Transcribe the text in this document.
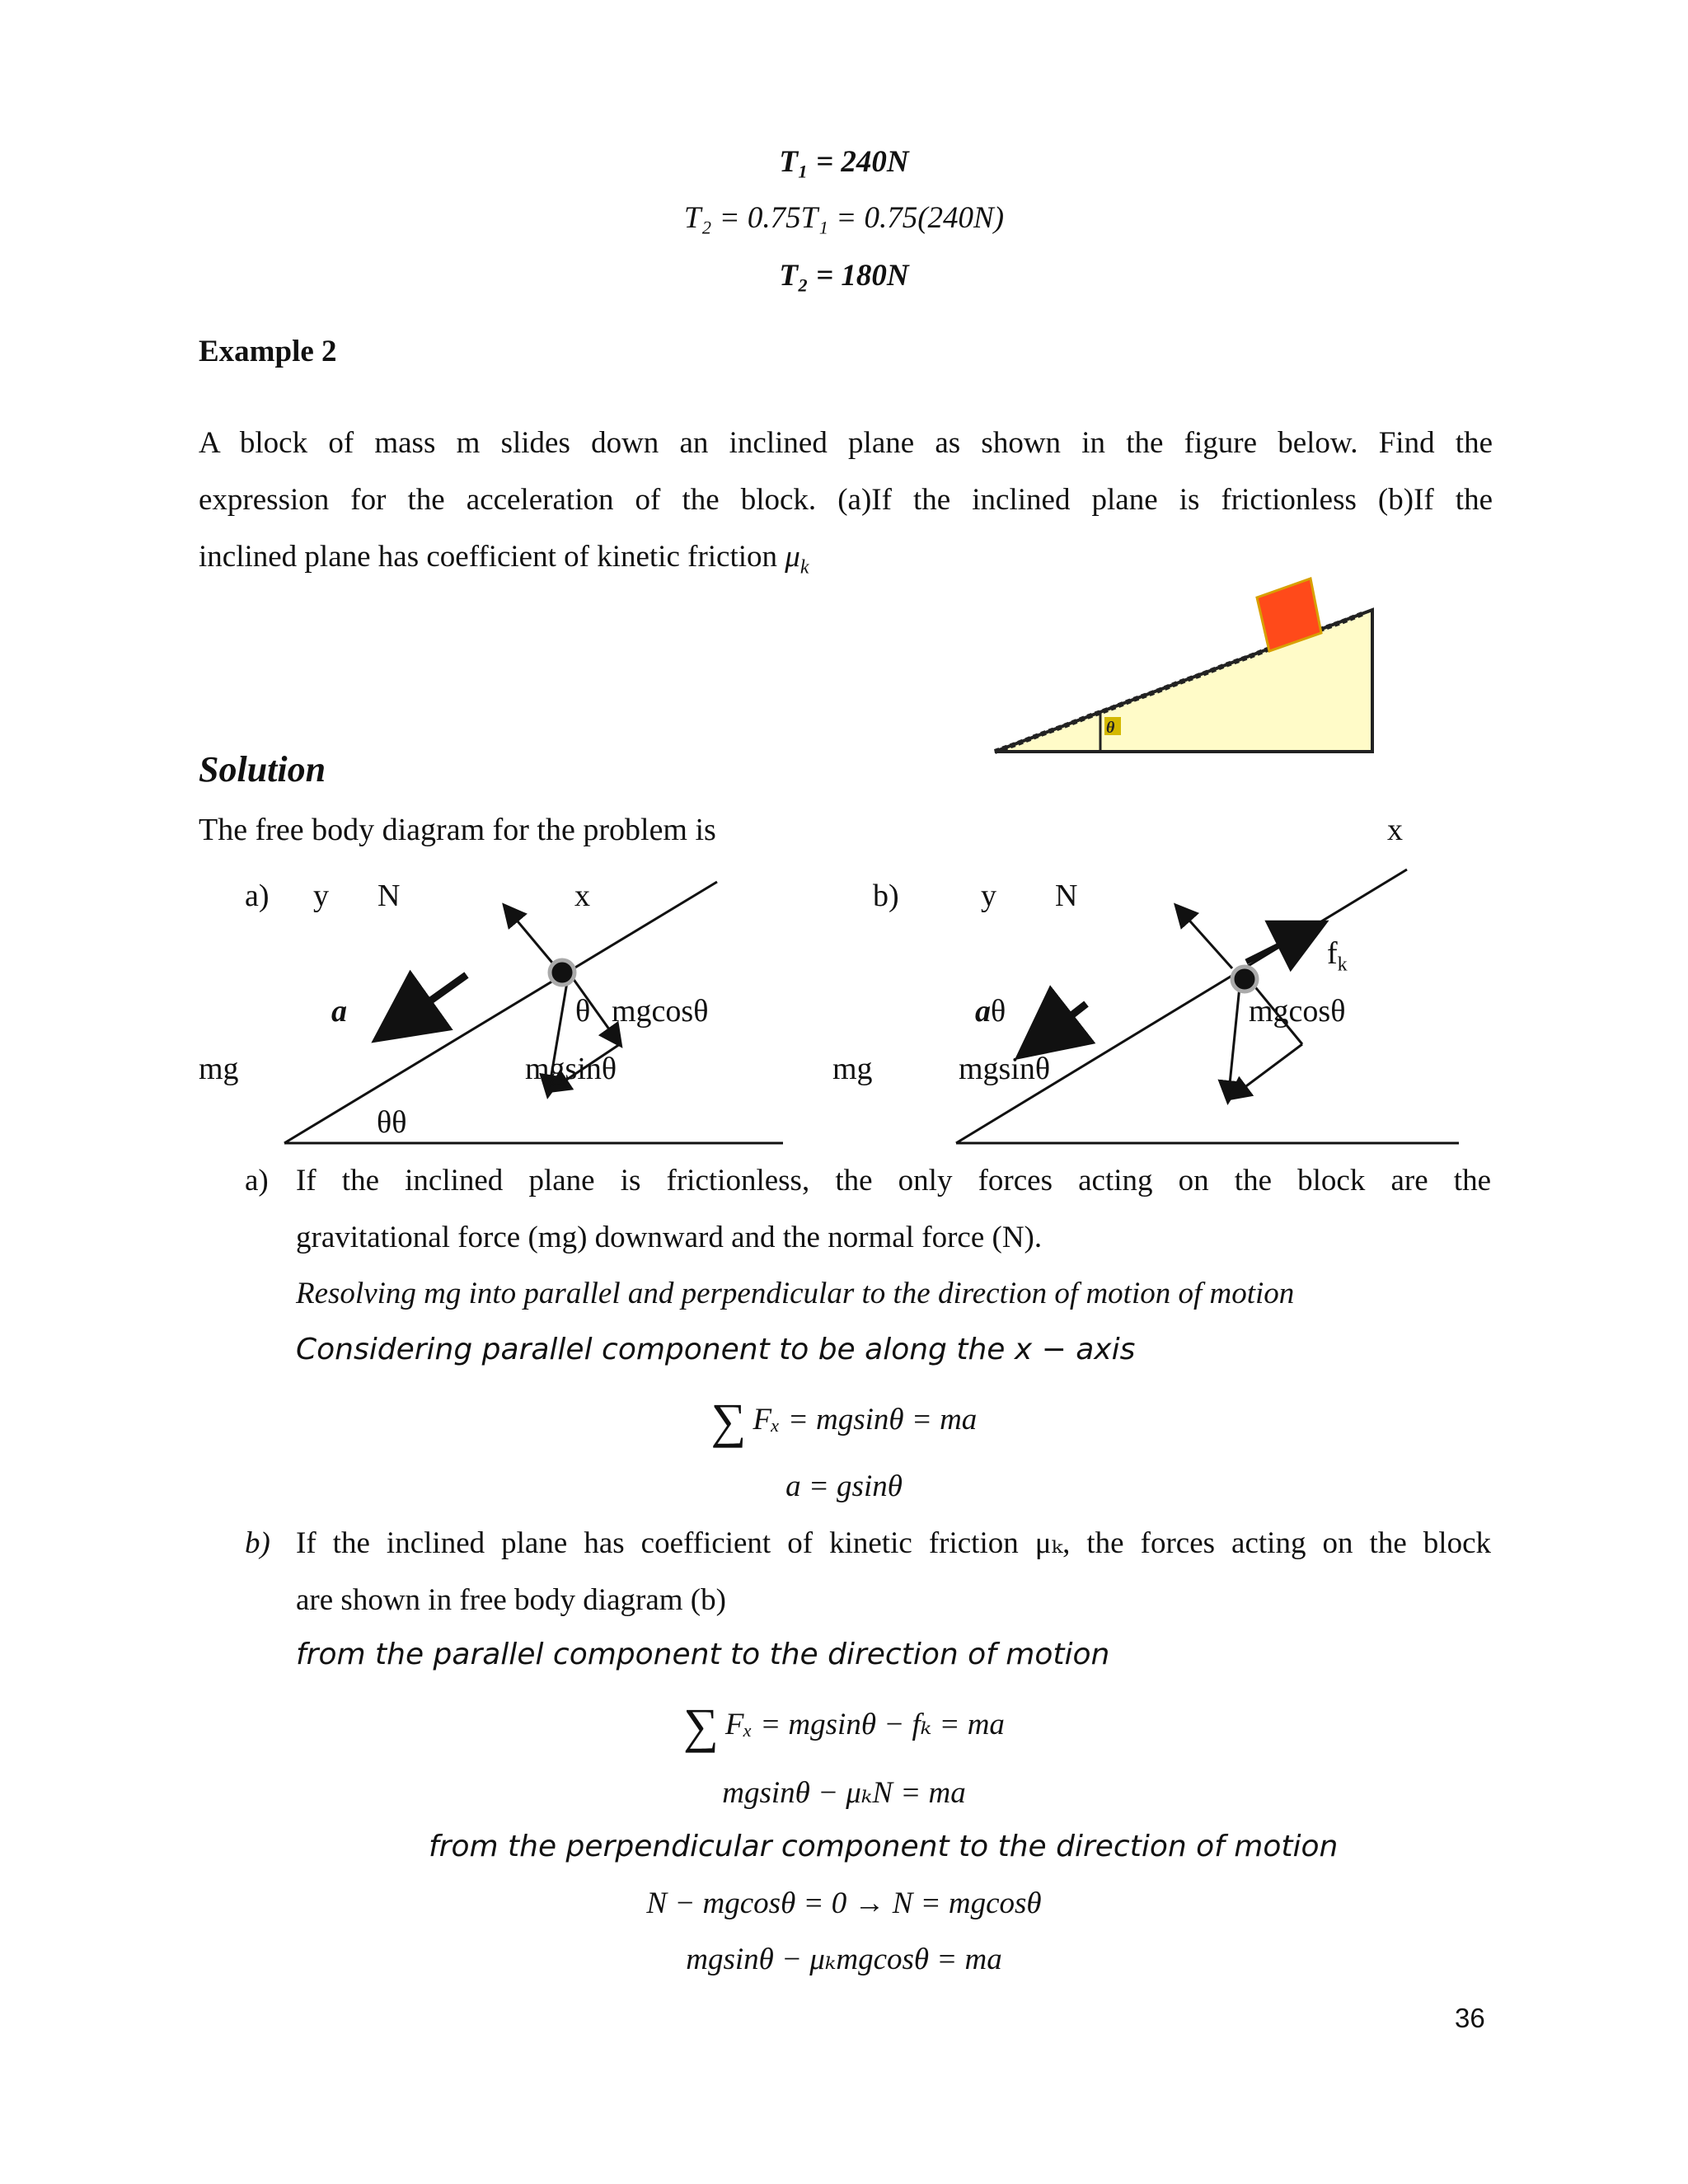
T₁ = 240N
T₂ = 0.75T₁ = 0.75(240N)
T₂ = 180N
Example 2
A block of mass m slides down an inclined plane as shown in the figure below. Find the
expression for the acceleration of the block. (a)If the inclined plane is frictionless (b)If the
inclined plane has coefficient of kinetic friction $\mu_k$
θ
Solution
The free body diagram for the problem is	x
a) y N	x
a	θ mgcosθ
mg	mgsinθ
θθ
b)	y N
$f_k$
aθ	mgcosθ
mg	mgsinθ
a) If the inclined plane is frictionless, the only forces acting on the block are the
gravitational force (mg) downward and the normal force (N).
Resolving mg into parallel and perpendicular to the direction of motion of motion
Considering parallel component to be along the x − axis
∑ Fₓ = mgsinθ = ma
a = gsinθ
b) If the inclined plane has coefficient of kinetic friction μₖ, the forces acting on the block
are shown in free body diagram (b)
from the parallel component to the direction of motion
∑ Fₓ = mgsinθ − fₖ = ma
mgsinθ − μₖN = ma
from the perpendicular component to the direction of motion
N − mgcosθ = 0 → N = mgcosθ
mgsinθ − μₖmgcosθ = ma
36
